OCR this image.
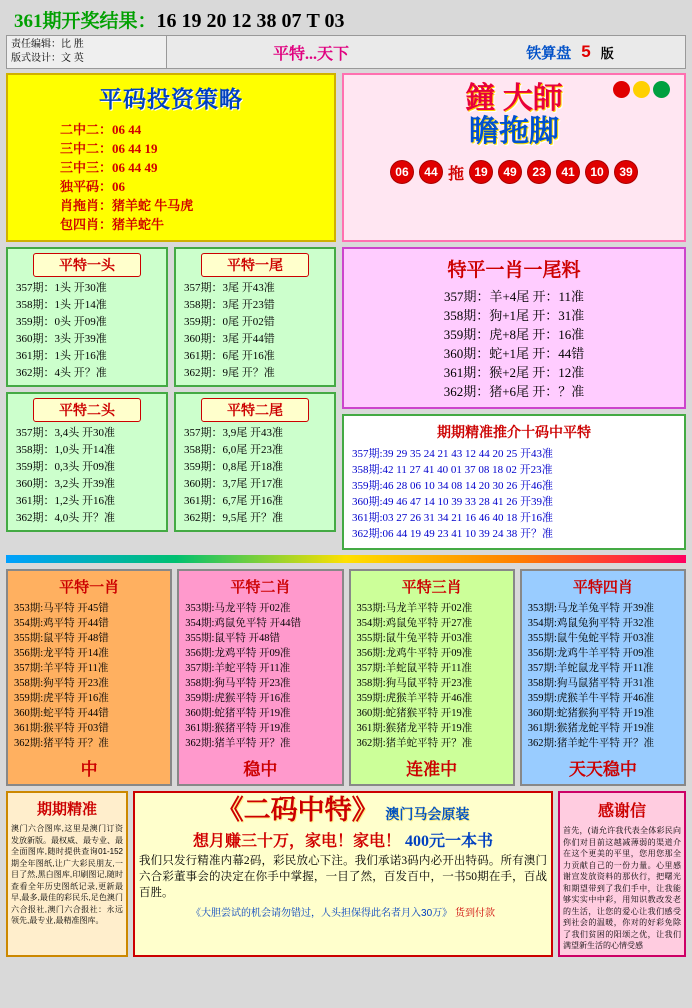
361期开奖结果：16 19 20 12 38 07 T 03
责任编辑：比 胜
版式设计：文 英	平特...天下	铁算盘 5 版
平码投资策略
二中二：06 44
三中二：06 44 19
三中三：06 44 49
独平码：06
肖拖肖：猪羊蛇 牛马虎
包四肖：猪羊蛇牛
鐘 大師
瞻拖脚
06	44 拖 19	49	23	41	10	39
平特一头
357期：1头 开30准
358期：1头 开14准
359期：0头 开09准
360期：3头 开39准
361期：1头 开16准
362期：4头 开？准
平特一尾
357期：3尾 开43准
358期：3尾 开23错
359期：0尾 开02错
360期：3尾 开44错
361期：6尾 开16准
362期：9尾 开？准
平特二头
357期：3,4头 开30准
358期：1,0头 开14准
359期：0,3头 开09准
360期：3,2头 开39准
361期：1,2头 开16准
362期：4,0头 开？准
平特二尾
357期：3,9尾 开43准
358期：6,0尾 开23准
359期：0,8尾 开18准
360期：3,7尾 开17准
361期：6,7尾 开16准
362期：9,5尾 开？准
特平一肖一尾料
357期：羊+4尾 开：11准
358期：狗+1尾 开：31准
359期：虎+8尾 开：16准
360期：蛇+1尾 开：44错
361期：猴+2尾 开：12准
362期：猪+6尾 开：？准
期期精准推介十码中平特
357期:39 29 35 24 21 43 12 44 20 25 开43准
358期:42 11 27 41 40 01 37 08 18 02 开23准
359期:46 28 06 10 34 08 14 20 30 26 开46准
360期:49 46 47 14 10 39 33 28 41 26 开39准
361期:03 27 26 31 34 21 16 46 40 18 开16准
362期:06 44 19 49 23 41 10 39 24 38 开？准
平特一肖
353期:马平特 开45错
354期:鸡平特 开44错
355期:鼠平特 开48错
356期:龙平特 开14准
357期:羊平特 开11准
358期:狗平特 开23准
359期:虎平特 开16准
360期:蛇平特 开44错
361期:猴平特 开03错
362期:猪平特 开？准
中
平特二肖
353期:马龙平特 开02准
354期:鸡鼠免平特 开44错
355期:鼠平特 开48错
356期:龙鸡平特 开09准
357期:羊蛇平特 开11准
358期:狗马平特 开23准
359期:虎猴平特 开16准
360期:蛇猪平特 开19准
361期:猴猪平特 开19准
362期:猪羊平特 开？准
稳中
平特三肖
353期:马龙羊平特 开02准
354期:鸡鼠兔平特 开27准
355期:鼠牛兔平特 开03准
356期:龙鸡牛平特 开09准
357期:羊蛇鼠平特 开11准
358期:狗马鼠平特 开23准
359期:虎猴羊平特 开46准
360期:蛇猪猴平特 开19准
361期:猴猪龙平特 开19准
362期:猪羊蛇平特 开？准
连准中
平特四肖
353期:马龙羊兔平特 开39准
354期:鸡鼠兔狗平特 开32准
355期:鼠牛兔蛇平特 开03准
356期:龙鸡牛羊平特 开09准
357期:羊蛇鼠龙平特 开11准
358期:狗马鼠猪平特 开31准
359期:虎猴羊牛平特 开46准
360期:蛇猪猴狗平特 开19准
361期:猴猪龙蛇平特 开19准
362期:猪羊蛇牛平特 开？准
天天稳中
期期精准

澳门六合图库,这里是澳门订资发放新版。最权威、最专业、最全面图库,随时提供查询01-152期全年图纸,让广大彩民朋友,一目了然,黑白图库,印刷图记,随时查看全年历史图纸记录,更新最早,最多,最佳的彩民乐,足色澳门六合报社,澳门六合报社：永远领先,最专业,最精准图库。

《二码中特》 澳门马会原装
想月赚三十万，家电！家电！ 400元一本书
我们只发行精准内幕2码，彩民放心下注。我们承诺3码内必开出特码。所有澳门六合彩董事会的决定在你手中掌握，一目了然，百发百中，一书50期在手，百战百胜。
《大胆尝试的机会请勿错过，人头担保得此名者月入30万》 货到付款
感谢信

首先，(请允许我代表全体彩民向你们对目前这越减薄弱的渠道介在这个更美的平里，您用您那全力贡献自己的一份力量。心里感谢宣发放资料的那伙行，把曙光和期望带到了我们手中，让我能够实实中中彩，用知识教改发老的生活，让您的爱心让我们感受到社会的温暖，你对的好彩免除了我们贫困的阳颂之优，让我们满望新生活的心情受感
